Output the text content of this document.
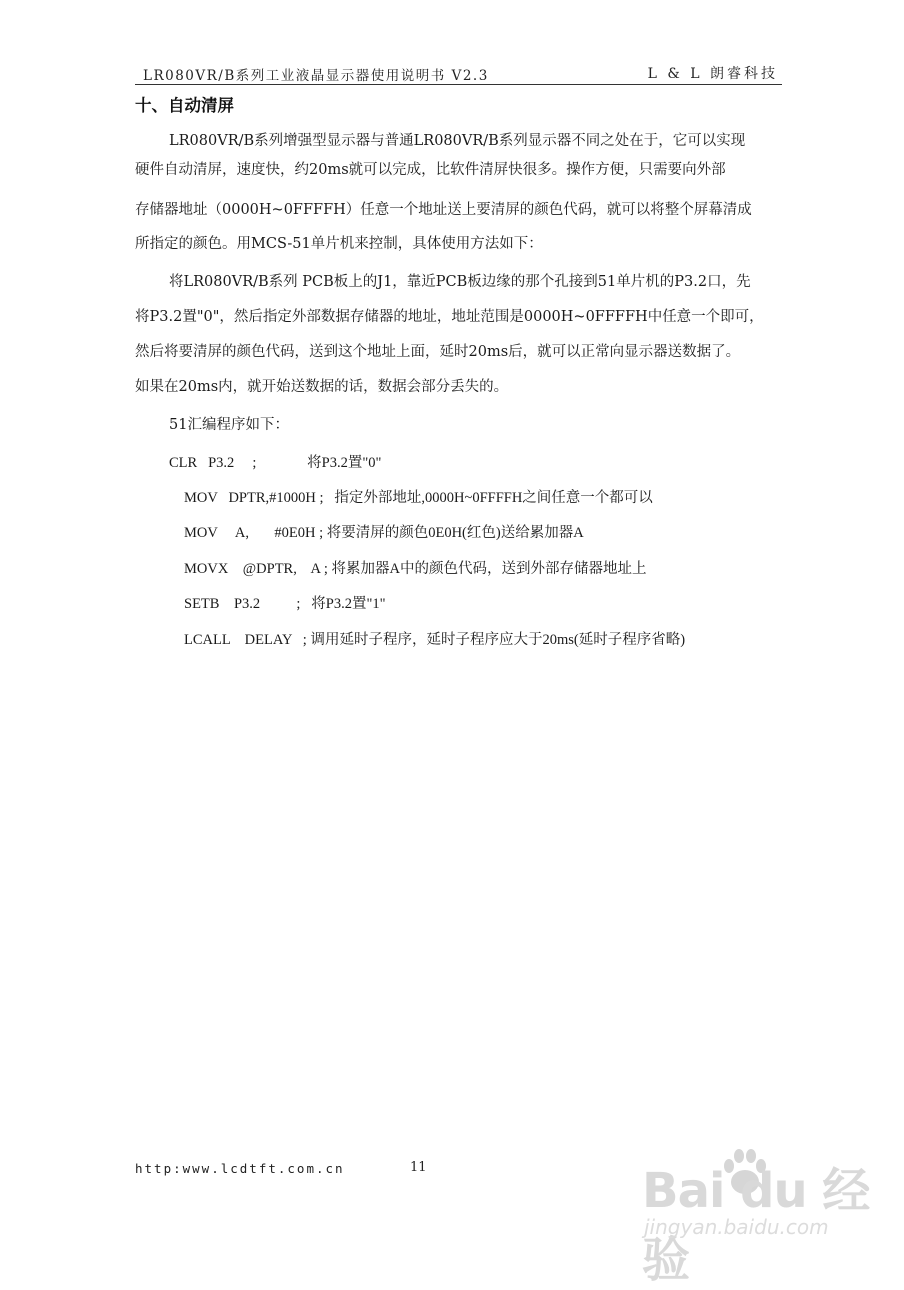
LR080VR/B系列工业液晶显示器使用说明书 V2.3	L & L 朗睿科技
十、自动清屏
LR080VR/B系列增强型显示器与普通LR080VR/B系列显示器不同之处在于，它可以实现
硬件自动清屏，速度快，约20ms就可以完成，比软件清屏快很多。操作方便，只需要向外部
存储器地址（0000H~0FFFFH）任意一个地址送上要清屏的颜色代码，就可以将整个屏幕清成
所指定的颜色。用MCS-51单片机来控制，具体使用方法如下：
将LR080VR/B系列 PCB板上的J1，靠近PCB板边缘的那个孔接到51单片机的P3.2口，先
将P3.2置"0"，然后指定外部数据存储器的地址，地址范围是0000H~0FFFFH中任意一个即可，
然后将要清屏的颜色代码，送到这个地址上面，延时20ms后，就可以正常向显示器送数据了。
如果在20ms内，就开始送数据的话，数据会部分丢失的。
51汇编程序如下：
CLR   P3.2     ;              将P3.2置"0"
MOV   DPTR,#1000H ;   指定外部地址,0000H~0FFFFH之间任意一个都可以
MOV     A,       #0E0H ; 将要清屏的颜色0E0H(红色)送给累加器A
MOVX    @DPTR,    A ; 将累加器A中的颜色代码，送到外部存储器地址上
SETB    P3.2          ;   将P3.2置"1"
LCALL    DELAY   ; 调用延时子程序，延时子程序应大于20ms(延时子程序省略)
http:www.lcdtft.com.cn	11	Bai du 经验
jingyan.baidu.com
